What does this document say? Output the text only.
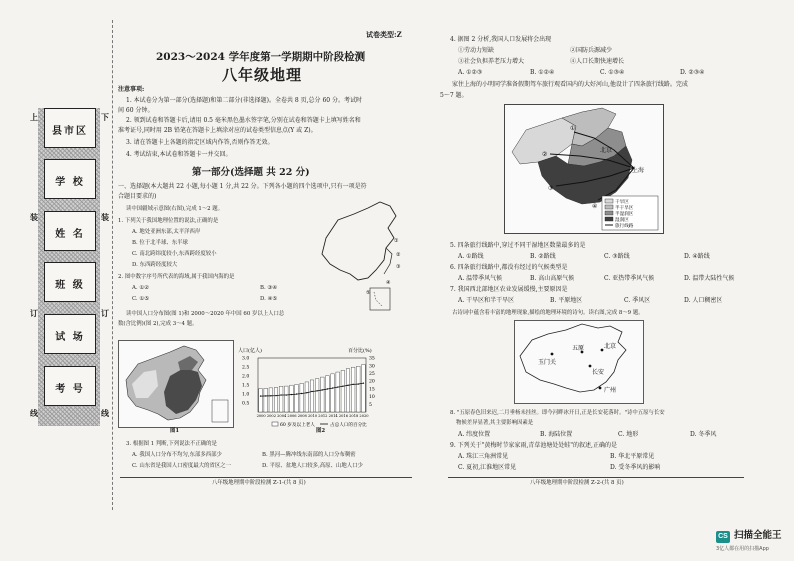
县市区
学 校
姓 名
班 级
试 场
考 号
上
装
订
线
下
装
订
线
试卷类型:Z
2023～2024 学年度第一学期期中阶段检测
八年级地理
注意事项:
1. 本试卷分为第一部分(选择题)和第二部分(非选择题)。全卷共 8 页,总分 60 分。考试时
间 60 分钟。
2. 领到试卷和答题卡后,请用 0.5 毫米黑色墨水签字笔,分别在试卷和答题卡上填写姓名和
准考证号,同时用 2B 铅笔在答题卡上填涂对应的试卷类型信息点(Y 或 Z)。
3. 请在答题卡上各题的指定区域内作答,否则作答无效。
4. 考试结束,本试卷和答题卡一并交回。
第一部分(选择题 共 22 分)
一、选择题(本大题共 22 小题,每小题 1 分,共 22 分。下列各小题的四个选项中,只有一项是符
合题目要求的)
读中国疆域示意图(右图),完成 1～2 题。
1. 下列关于我国地理位置的说法,正确的是
A. 地处亚洲东部,太平洋西岸
B. 位于北半球、东半球
C. 南北跨纬度较小,东西跨经度较小
D. 东西跨经度较大
2. 图中数字序号所代表的海域,属于我国内海的是
A. ①②	B. ③④
C. ①⑤	D. ④⑤
①
②
③
④
⑤
读中国人口分布图(图 1)和 2000～2020 年中国 60 岁以上人口总
数(含比例)(图 2),完成 3～4 题。
图1
人口(亿人)	百分比(%)
3.0
2.5
2.0
1.5
1.0
0.5
35
30
25
20
15
10
5
2000 2002 2004 2006 2008 2010 2012 2014 2016 2018 2020
60 岁及以上老人	占总人口的百分比
图2
3. 根据图 1 判断,下列说法不正确的是
A. 我国人口分布不均匀,东部多西部少	B. 黑河—腾冲线东南部的人口分布稠密
C. 山东省是我国人口密度最大的省区之一	D. 平原、盆地人口较多,高原、山地人口少
八年级地理期中阶段检测 Z-1-(共 8 页)
4. 据图 2 分析,我国人口发展将会出现
①劳动力短缺	②国防兵源减少
③社会负担养老压力增大	④人口长期快速增长
A. ①②③	B. ①②④	C. ①③④	D. ②③④
家住上海的小明同学准备假期驾车旅行观看国内的大好河山,他设计了四条旅行线路。完成
5～7 题。
北京
上海
①
②
③
④
干旱区
半干旱区
半湿润区
湿润区
旅行线路
5. 四条旅行线路中,穿过不同干湿地区数量最多的是
A. ①路线	B. ②路线	C. ③路线	D. ④路线
6. 四条旅行线路中,都没有经过的气候类型是
A. 温带季风气候	B. 高山高原气候	C. 亚热带季风气候	D. 温带大陆性气候
7. 我国西北部地区农业发展缓慢,主要原因是
A. 干旱区和半干旱区	B. 平原地区	C. 季风区	D. 人口稠密区
古诗词中蕴含着丰富的地理现象,描绘的地理环境的诗句。读右图,完成 8～9 题。
五原	北京
玉门关
长安
广州
8. "五原春色旧来迟,二月垂杨未挂丝。即今河畔冰开日,正是长安花落时。"诗中五原与长安
物候差异显著,其主要影响因素是
A. 纬度位置	B. 海陆位置	C. 地形	D. 冬季风
9. 下列关于"黄梅时节家家雨,青草池塘处处蛙"的叙述,正确的是
A. 珠江三角洲常见	B. 华北平原常见
C. 夏初,江淮地区常见	D. 受冬季风的影响
八年级地理期中阶段检测 Z-2-(共 8 页)
CS 扫描全能王
3亿人都在用的扫描App
